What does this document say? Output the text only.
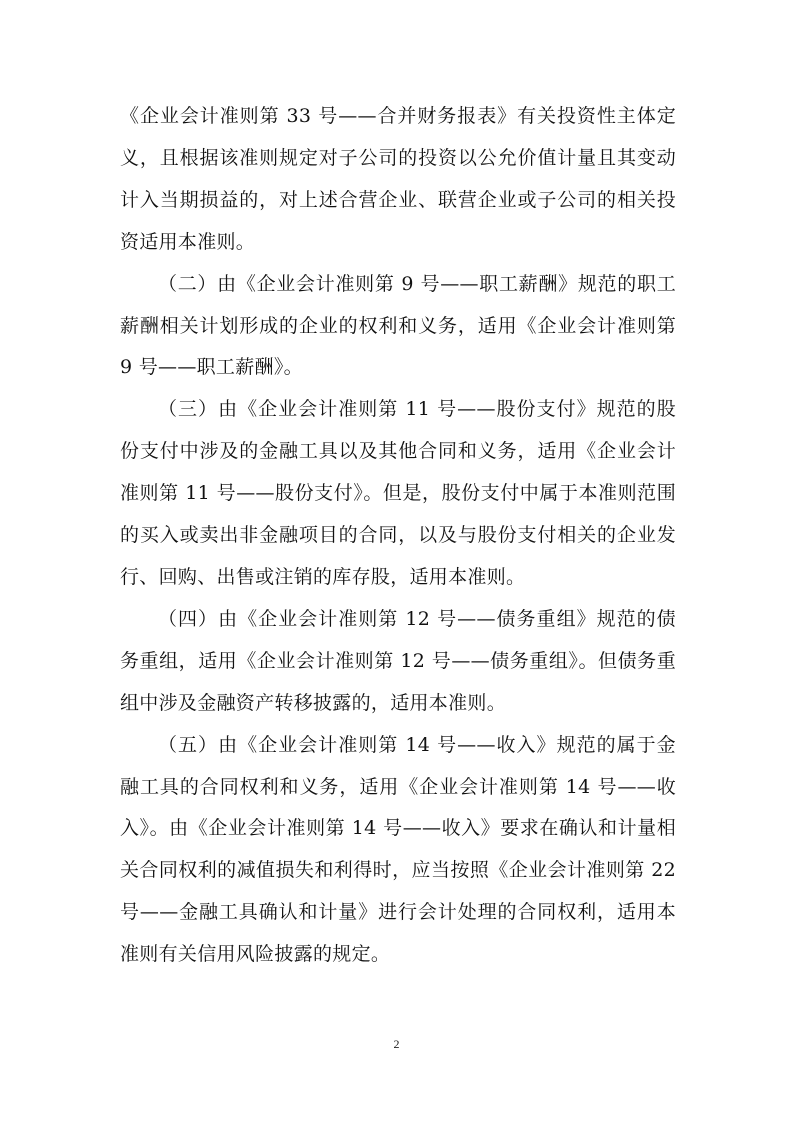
《企业会计准则第 33 号——合并财务报表》有关投资性主体定义，且根据该准则规定对子公司的投资以公允价值计量且其变动计入当期损益的，对上述合营企业、联营企业或子公司的相关投资适用本准则。

（二）由《企业会计准则第 9 号——职工薪酬》规范的职工薪酬相关计划形成的企业的权利和义务，适用《企业会计准则第 9 号——职工薪酬》。

（三）由《企业会计准则第 11 号——股份支付》规范的股份支付中涉及的金融工具以及其他合同和义务，适用《企业会计准则第 11 号——股份支付》。但是，股份支付中属于本准则范围的买入或卖出非金融项目的合同，以及与股份支付相关的企业发行、回购、出售或注销的库存股，适用本准则。

（四）由《企业会计准则第 12 号——债务重组》规范的债务重组，适用《企业会计准则第 12 号——债务重组》。但债务重组中涉及金融资产转移披露的，适用本准则。

（五）由《企业会计准则第 14 号——收入》规范的属于金融工具的合同权利和义务，适用《企业会计准则第 14 号——收入》。由《企业会计准则第 14 号——收入》要求在确认和计量相关合同权利的减值损失和利得时，应当按照《企业会计准则第 22 号——金融工具确认和计量》进行会计处理的合同权利，适用本准则有关信用风险披露的规定。

2
